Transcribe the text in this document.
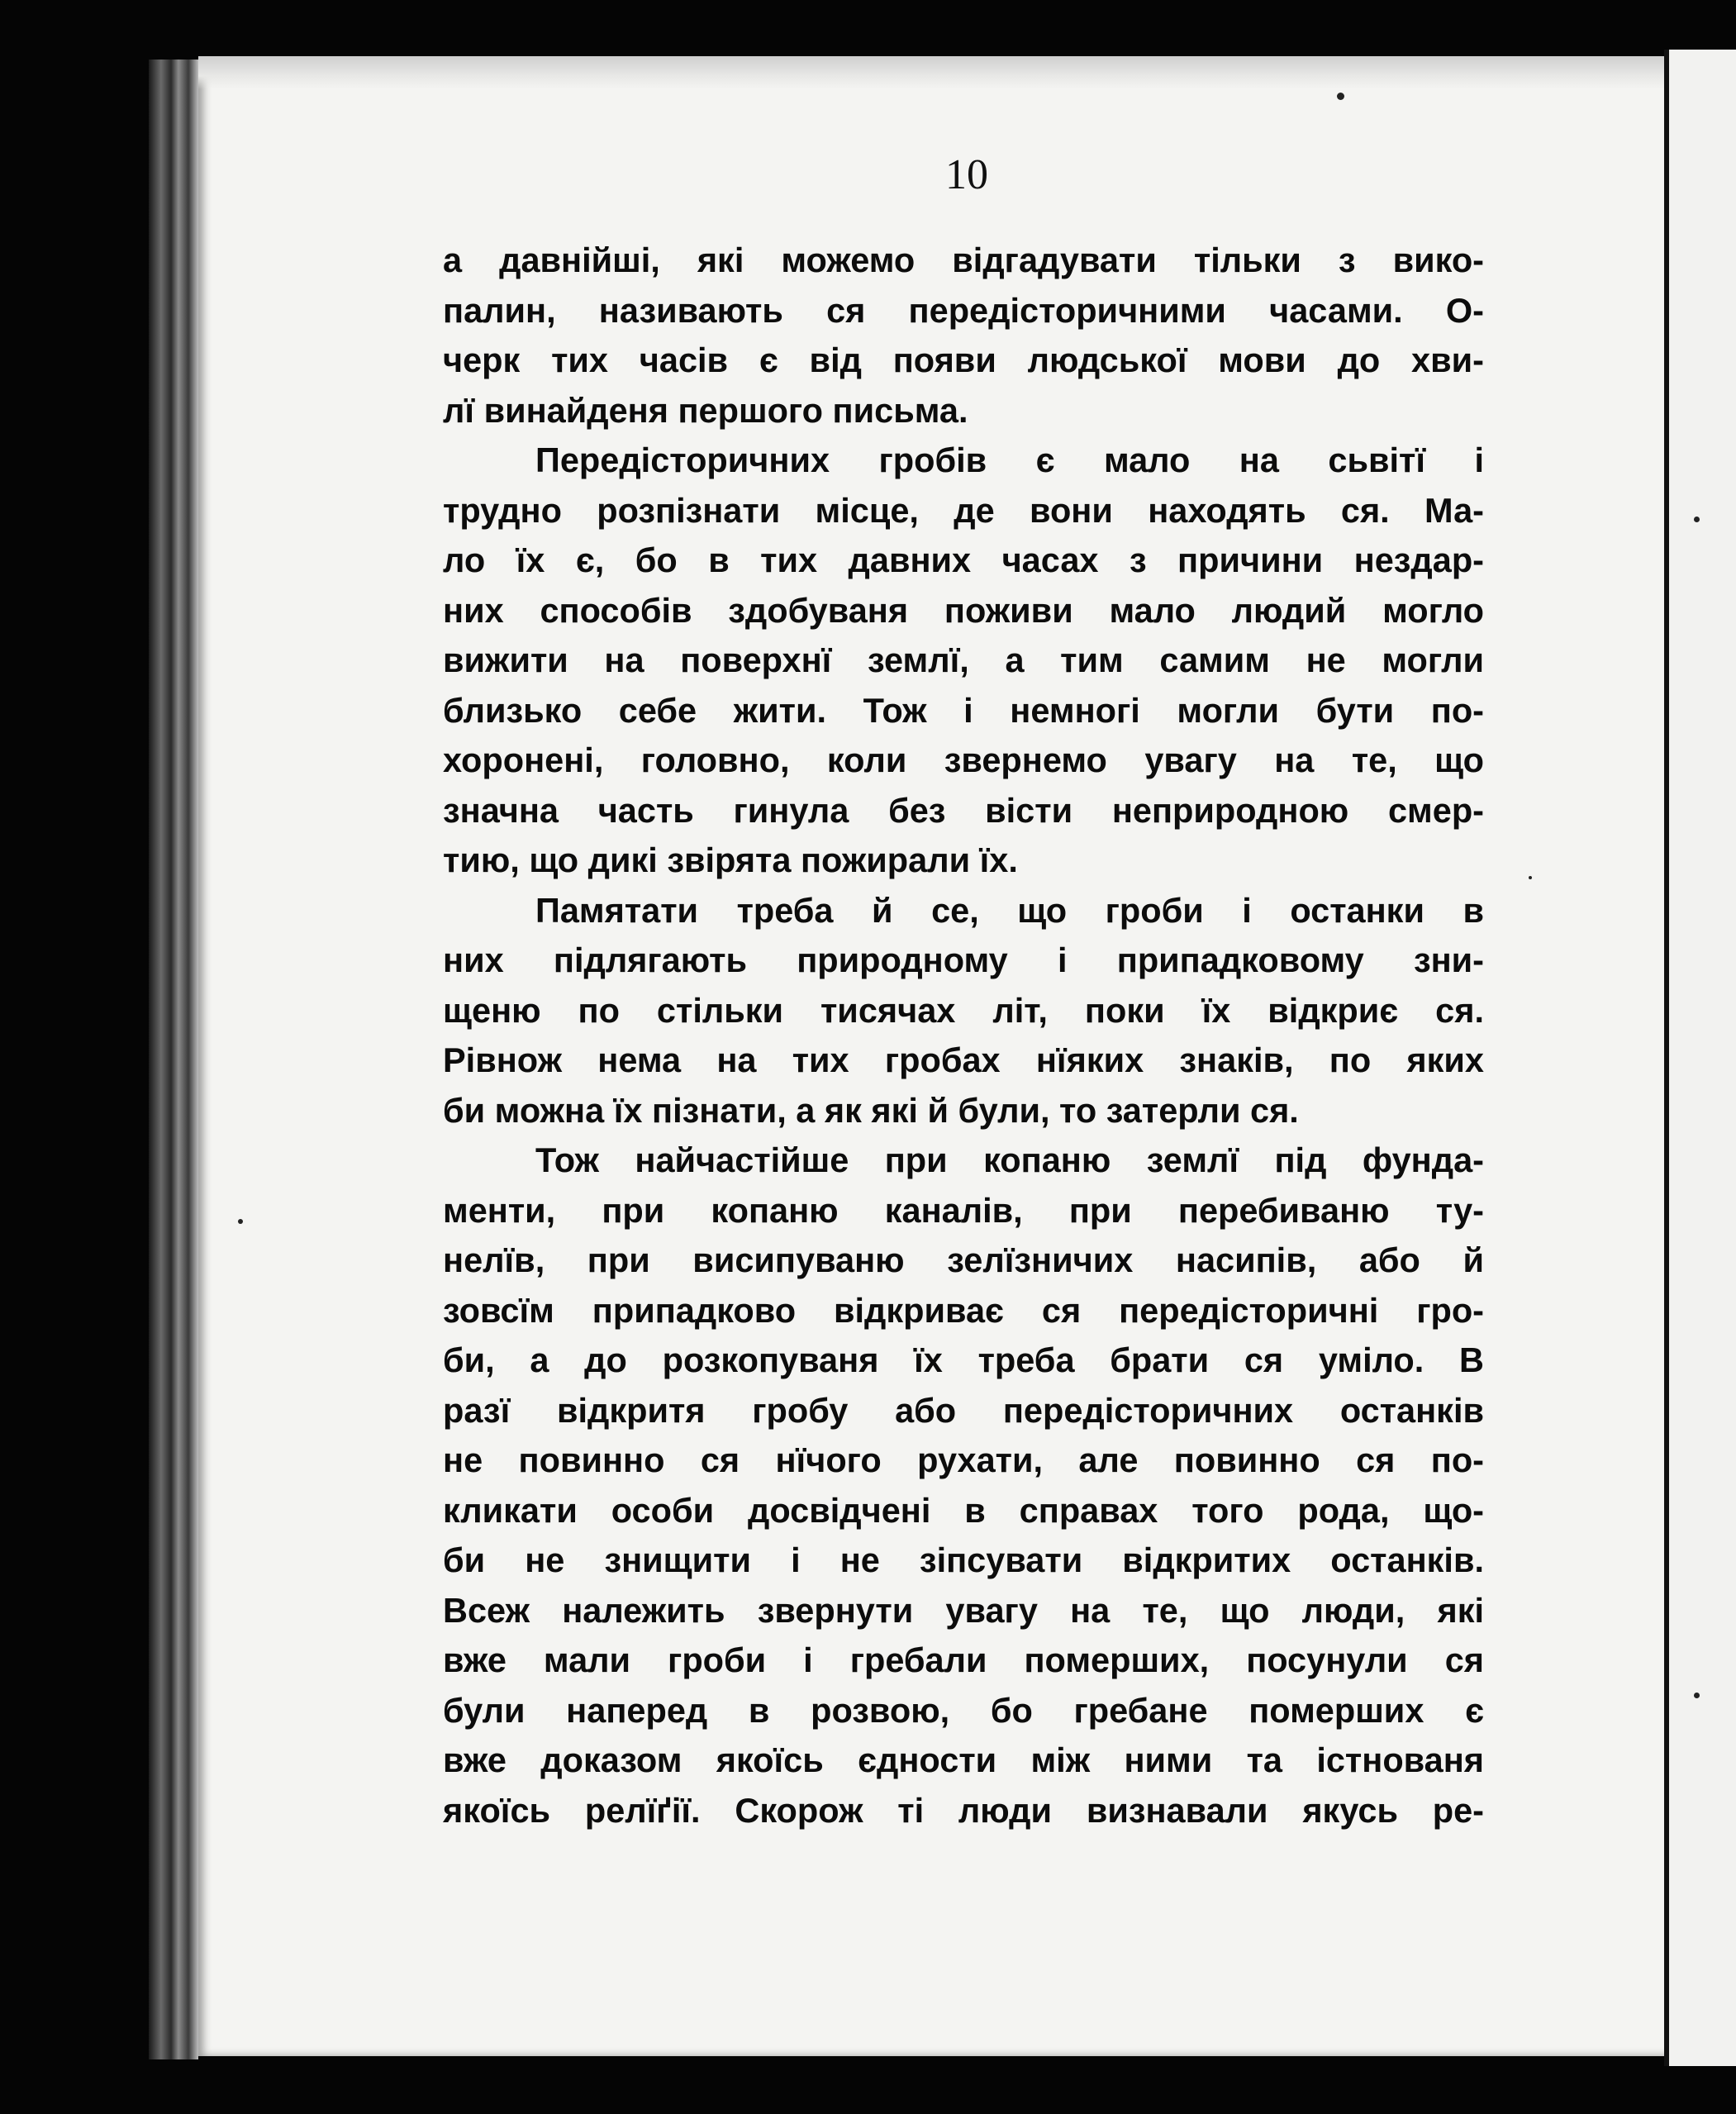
10
а давнійші, які можемо відгадувати тільки з вико-
палин, називають ся передісторичними часами. О-
черк тих часів є від появи людської мови до хви-
лї винайденя першого письма.
Передісторичних гробів є мало на сьвітї і
трудно розпізнати місце, де вони находять ся. Ма-
ло їх є, бо в тих давних часах з причини нездар-
них способів здобуваня поживи мало людий могло
вижити на поверхнї землї, а тим самим не могли
близько себе жити. Тож і немногі могли бути по-
хоронені, головно, коли звернемо увагу на те, що
значна часть гинула без вісти неприродною смер-
тию, що дикі звірята пожирали їх.
Памятати треба й се, що гроби і останки в
них підлягають природному і припадковому зни-
щеню по стільки тисячах літ, поки їх відкриє ся.
Рівнож нема на тих гробах нїяких знаків, по яких
би можна їх пізнати, а як які й були, то затерли ся.
Тож найчастійше при копаню землї під фунда-
менти, при копаню каналів, при перебиваню ту-
нелїв, при висипуваню зелїзничих насипів, або й
зовсїм припадково відкриває ся передісторичні гро-
би, а до розкопуваня їх треба брати ся уміло. В
разї відкритя гробу або передісторичних останків
не повинно ся нїчого рухати, але повинно ся по-
кликати особи досвідчені в справах того рода, що-
би не знищити і не зіпсувати відкритих останків.
Всеж належить звернути увагу на те, що люди, які
вже мали гроби і гребали померших, посунули ся
були наперед в розвою, бо гребане померших є
вже доказом якоїсь єдности між ними та істнованя
якоїсь релїґії. Скорож ті люди визнавали якусь ре-
